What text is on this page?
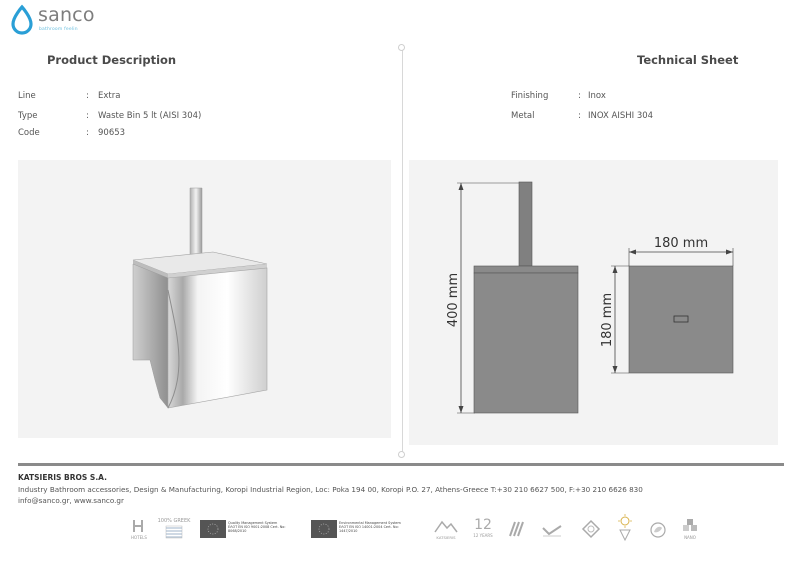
sanco
bathroom feelin
Product Description	Technical Sheet
Line	: Extra
Type	: Waste Bin 5 lt (AISI 304)
Code	: 90653
Finishing	: Inox
Metal	: INOX AISHI 304
400 mm
180 mm
180 mm
KATSIERIS BROS S.A.
Industry Bathroom accessories, Design & Manufacturing, Koropi Industrial Region, Loc: Poka 194 00, Koropi P.O. 27, Athens-Greece T:+30 210 6627 500, F:+30 210 6626 830
info@sanco.gr, www.sanco.gr
HOTELS
100% GREEK	Quality Management System ΕΛΟΤ EN ISO 9001:2008 Cert. No: 8068/2010
Environmental Management System ΕΛΟΤ EN ISO 14001:2004 Cert. No: 1447/2010
KATSIERIS
12
12 YEARS	NANO
